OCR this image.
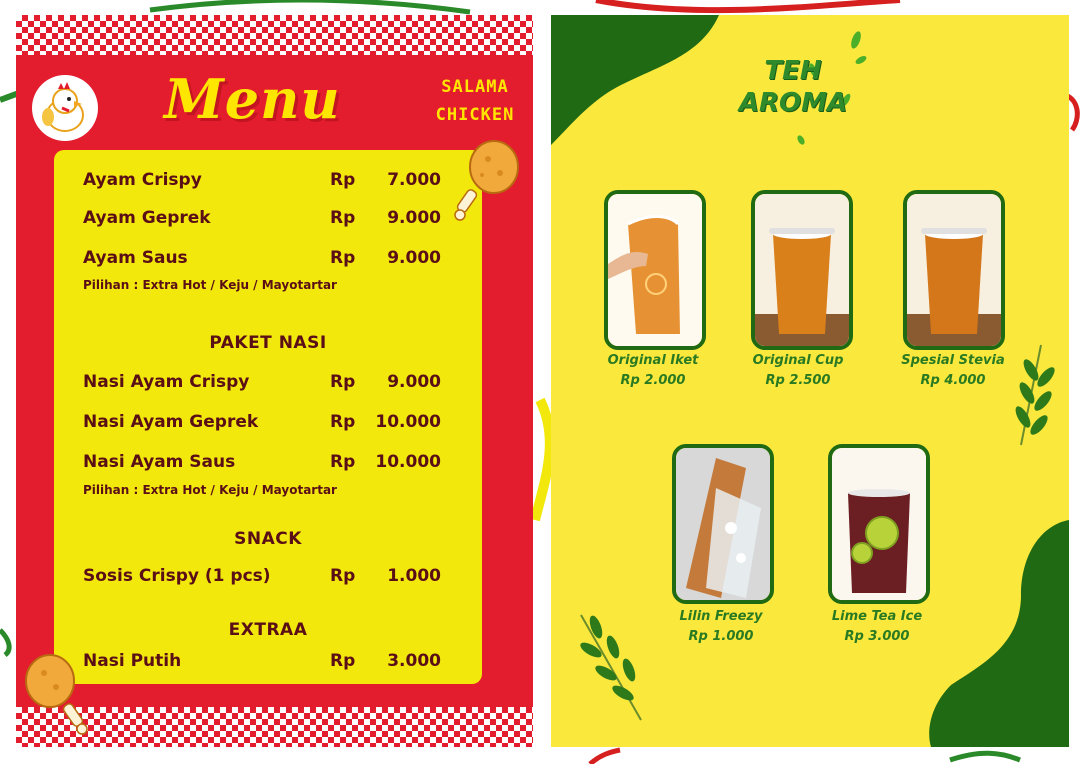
Menu	SALAMA
CHICKEN
Ayam Crispy	Rp	7.000
Ayam Geprek	Rp	9.000
Ayam Saus	Rp	9.000
Pilihan : Extra Hot / Keju / Mayotartar
PAKET NASI
Nasi Ayam Crispy	Rp	9.000
Nasi Ayam Geprek	Rp 10.000
Nasi Ayam Saus	Rp 10.000
Pilihan : Extra Hot / Keju / Mayotartar
SNACK
Sosis Crispy (1 pcs)	Rp	1.000
EXTRAA
Nasi Putih	Rp	3.000
TEH
AROMA
Original Iket
Rp 2.000
Original Cup
Rp 2.500
Spesial Stevia
Rp 4.000
Lilin Freezy
Rp 1.000
Lime Tea Ice
Rp 3.000
